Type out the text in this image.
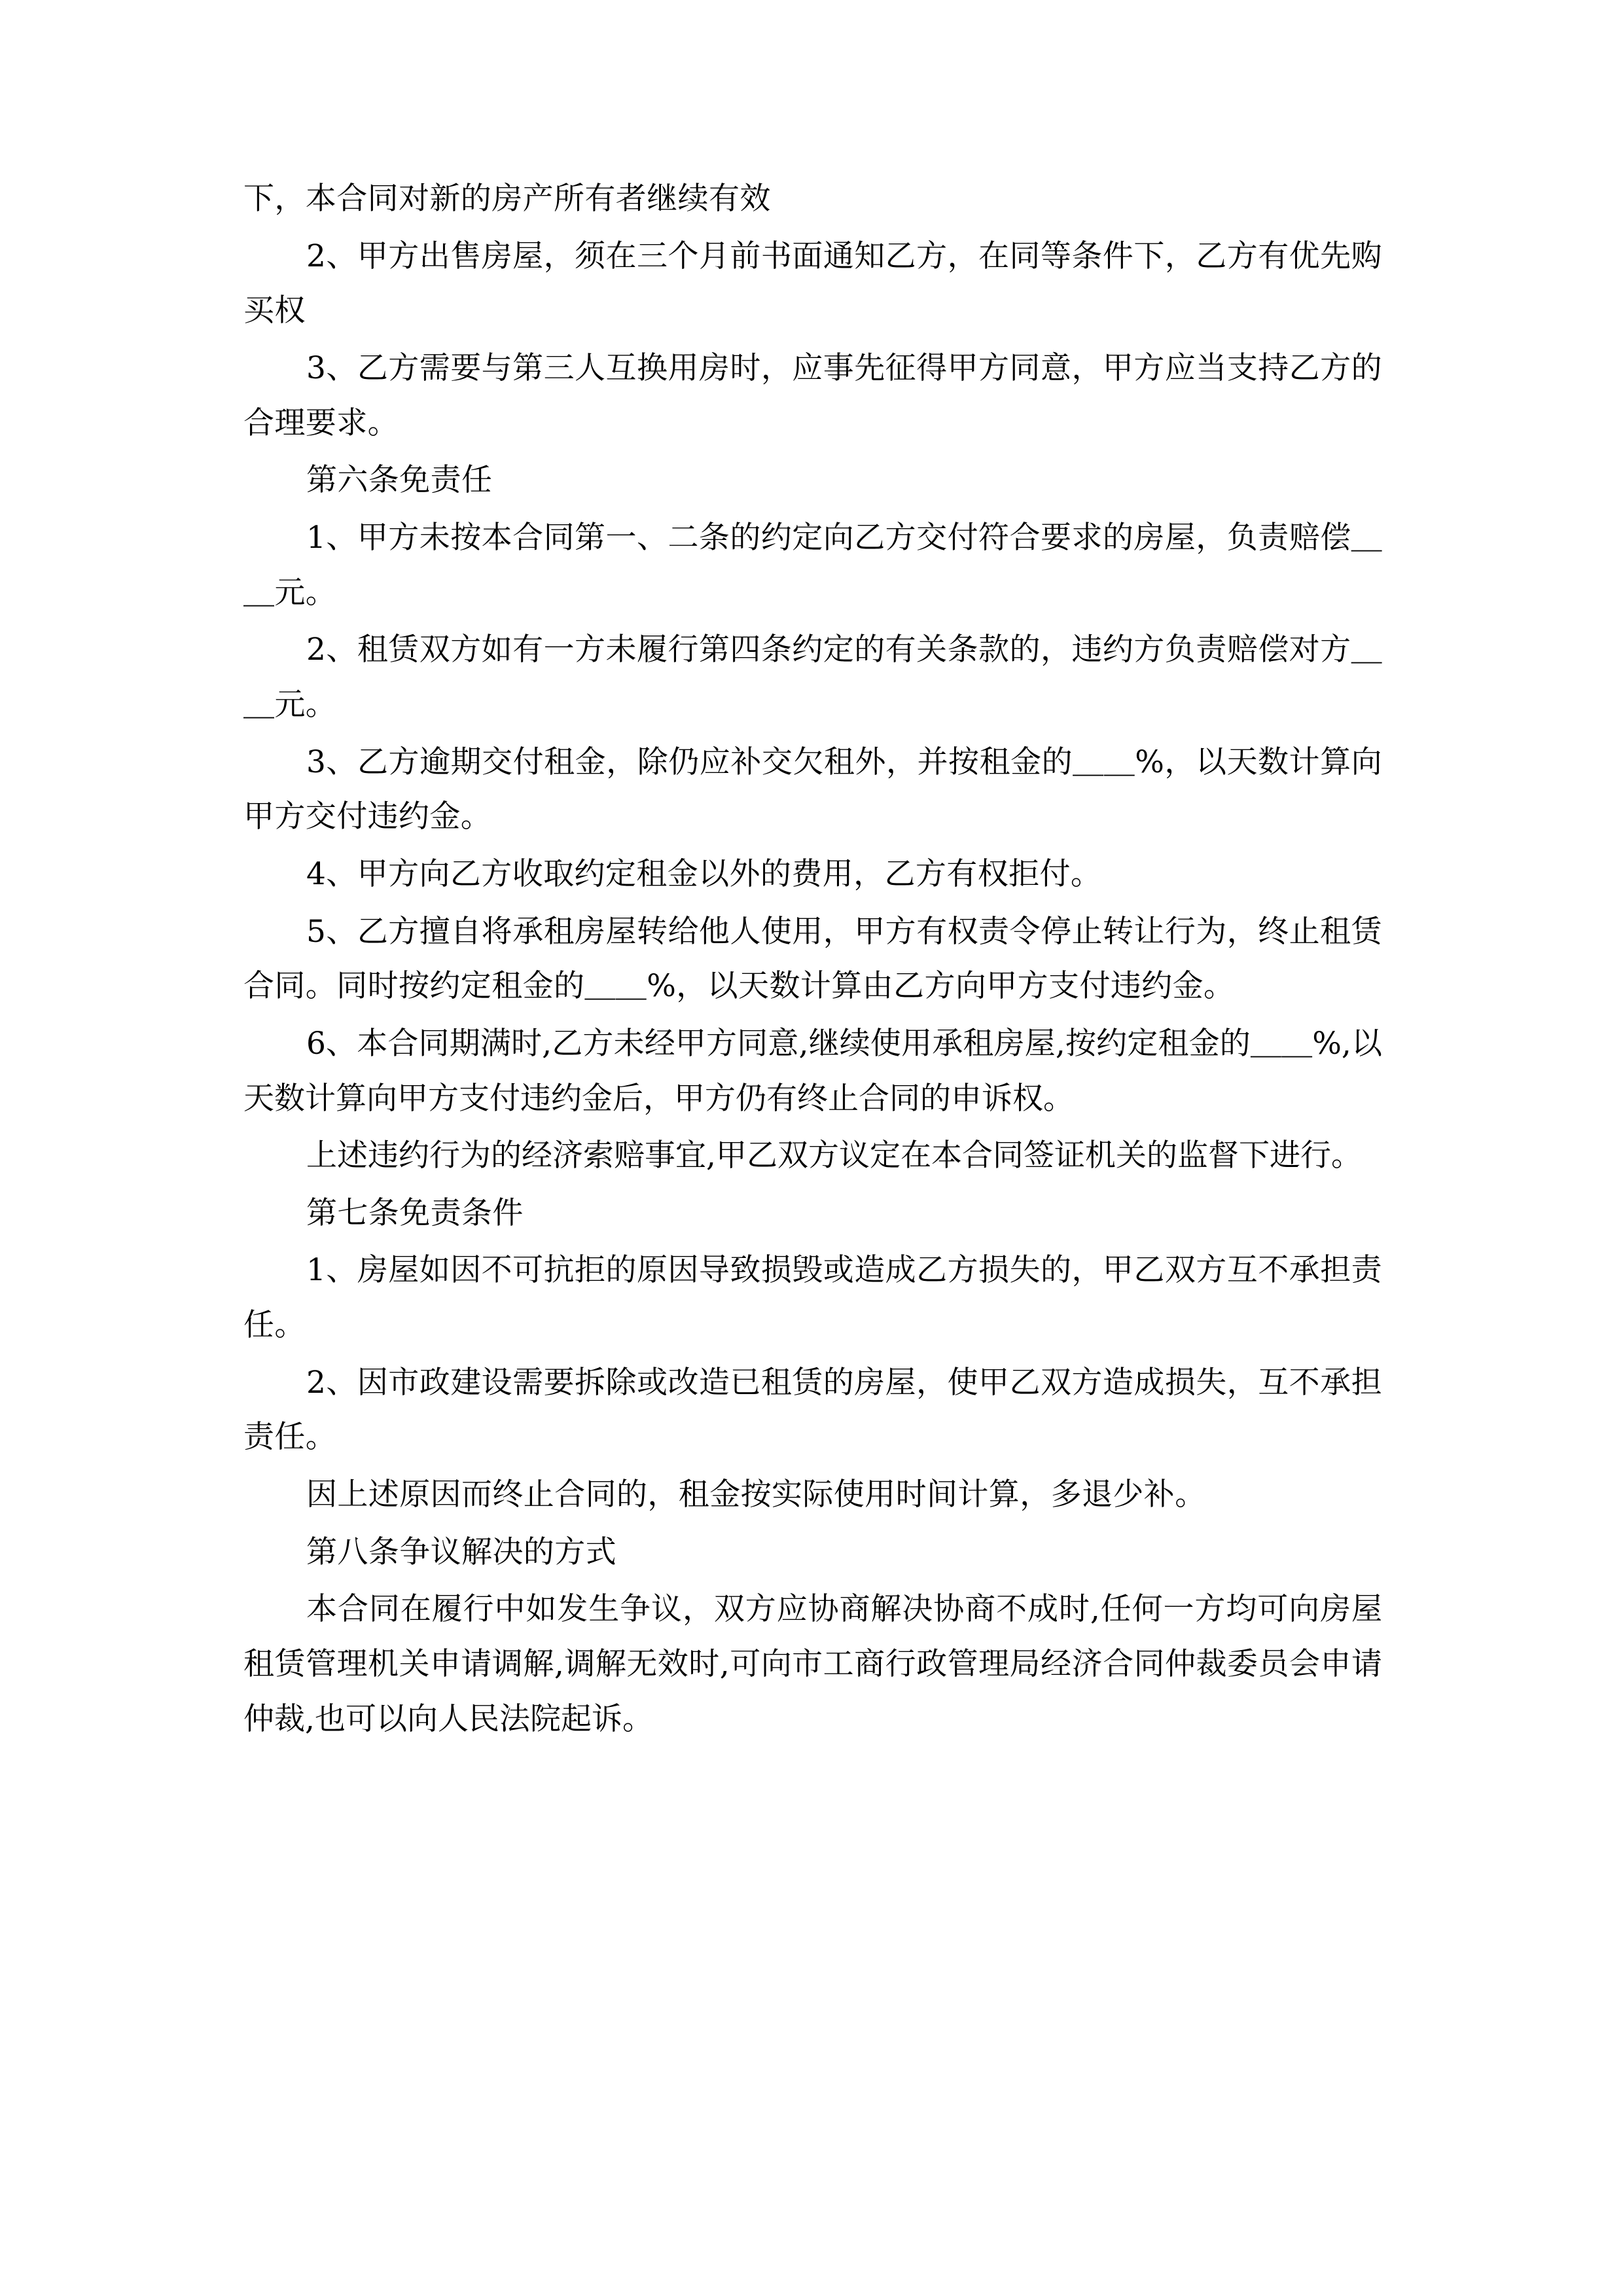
下，本合同对新的房产所有者继续有效

2、甲方出售房屋，须在三个月前书面通知乙方，在同等条件下，乙方有优先购买权

3、乙方需要与第三人互换用房时，应事先征得甲方同意，甲方应当支持乙方的合理要求。

第六条免责任

1、甲方未按本合同第一、二条的约定向乙方交付符合要求的房屋，负责赔偿＿＿元。

2、租赁双方如有一方未履行第四条约定的有关条款的，违约方负责赔偿对方＿＿元。

3、乙方逾期交付租金，除仍应补交欠租外，并按租金的＿＿%，以天数计算向甲方交付违约金。

4、甲方向乙方收取约定租金以外的费用，乙方有权拒付。

5、乙方擅自将承租房屋转给他人使用，甲方有权责令停止转让行为，终止租赁合同。同时按约定租金的＿＿%，以天数计算由乙方向甲方支付违约金。

6、本合同期满时,乙方未经甲方同意,继续使用承租房屋,按约定租金的＿＿%,以天数计算向甲方支付违约金后，甲方仍有终止合同的申诉权。

上述违约行为的经济索赔事宜,甲乙双方议定在本合同签证机关的监督下进行。

第七条免责条件

1、房屋如因不可抗拒的原因导致损毁或造成乙方损失的，甲乙双方互不承担责任。

2、因市政建设需要拆除或改造已租赁的房屋，使甲乙双方造成损失，互不承担责任。

因上述原因而终止合同的，租金按实际使用时间计算，多退少补。

第八条争议解决的方式

本合同在履行中如发生争议，双方应协商解决协商不成时,任何一方均可向房屋租赁管理机关申请调解,调解无效时,可向市工商行政管理局经济合同仲裁委员会申请仲裁,也可以向人民法院起诉。
